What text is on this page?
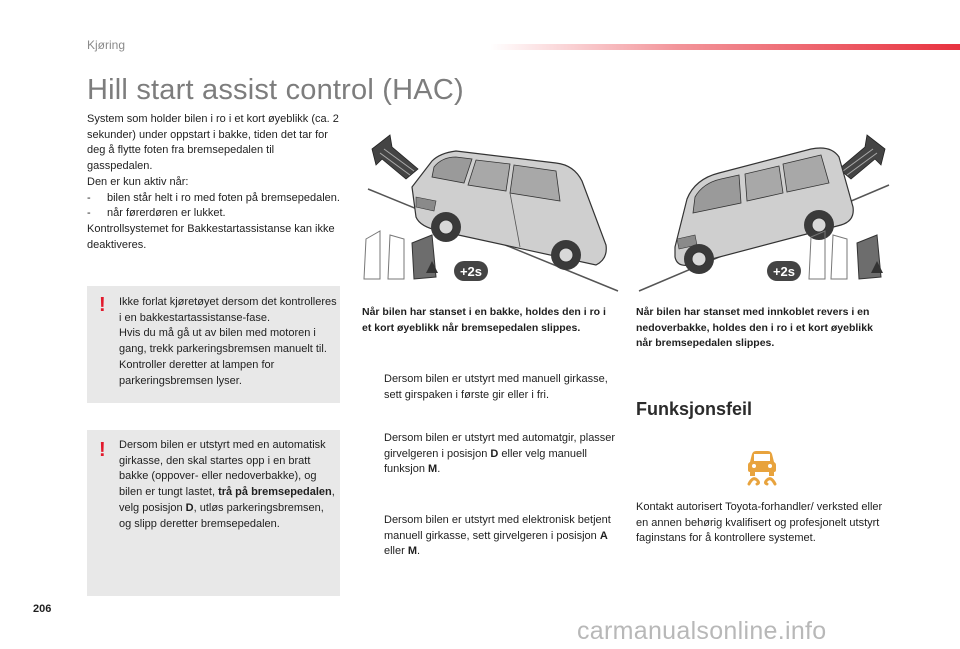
Kjøring
Hill start assist control (HAC)
System som holder bilen i ro i et kort øyeblikk (ca. 2 sekunder) under oppstart i bakke, tiden det tar for deg å flytte foten fra bremsepedalen til gasspedalen.
Den er kun aktiv når:
-	bilen står helt i ro med foten på bremsepedalen.
-	når førerdøren er lukket.
Kontrollsystemet for Bakkestartassistanse kan ikke deaktiveres.
! Ikke forlat kjøretøyet dersom det kontrolleres i en bakkestartassistanse-fase.
Hvis du må gå ut av bilen med motoren i gang, trekk parkeringsbremsen manuelt til. Kontroller deretter at lampen for parkeringsbremsen lyser.
! Dersom bilen er utstyrt med en automatisk girkasse, den skal startes opp i en bratt bakke (oppover- eller nedoverbakke), og bilen er tungt lastet, trå på bremsepedalen, velg posisjon D, utløs parkeringsbremsen, og slipp deretter bremsepedalen.
+2s	+2s
Når bilen har stanset i en bakke, holdes den i ro i et kort øyeblikk når bremsepedalen slippes.
Når bilen har stanset med innkoblet revers i en nedoverbakke, holdes den i ro i et kort øyeblikk når bremsepedalen slippes.
Dersom bilen er utstyrt med manuell girkasse, sett girspaken i første gir eller i fri.
Dersom bilen er utstyrt med automatgir, plasser girvelgeren i posisjon D eller velg manuell funksjon M.
Dersom bilen er utstyrt med elektronisk betjent manuell girkasse, sett girvelgeren i posisjon A eller M.
Funksjonsfeil
Kontakt autorisert Toyota-forhandler/ verksted eller en annen behørig kvalifisert og profesjonelt utstyrt faginstans for å kontrollere systemet.
206
carmanualsonline.info
